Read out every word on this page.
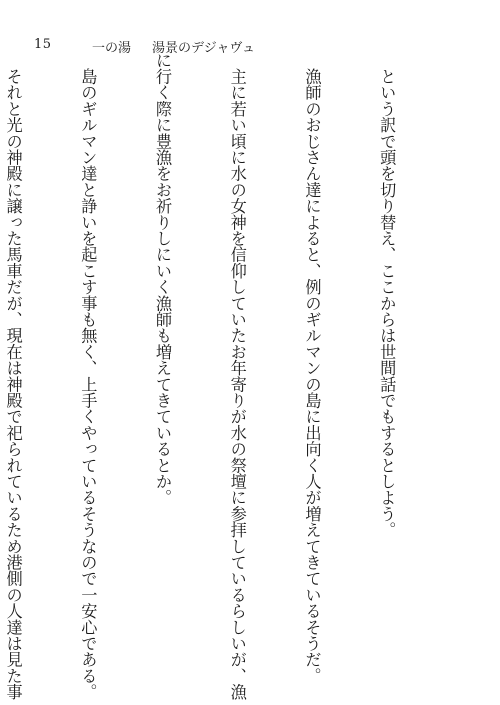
15	一の湯 湯景のデジャヴュ

　という訳で頭を切り替え、ここからは世間話でもするとしよう。

　漁師のおじさん達によると、例のギルマンの島に出向く人が増えてきているそうだ。

　主に若い頃に水の女神を信仰していたお年寄りが水の祭壇に参拝しているらしいが、漁

に行く際に豊漁をお祈りしにいく漁師も増えてきているとか。

　島のギルマン達と諍いを起こす事も無く、上手くやっているそうなので一安心である。

　それと光の神殿に譲った馬車だが、現在は神殿で祀られているため港側の人達は見た事
